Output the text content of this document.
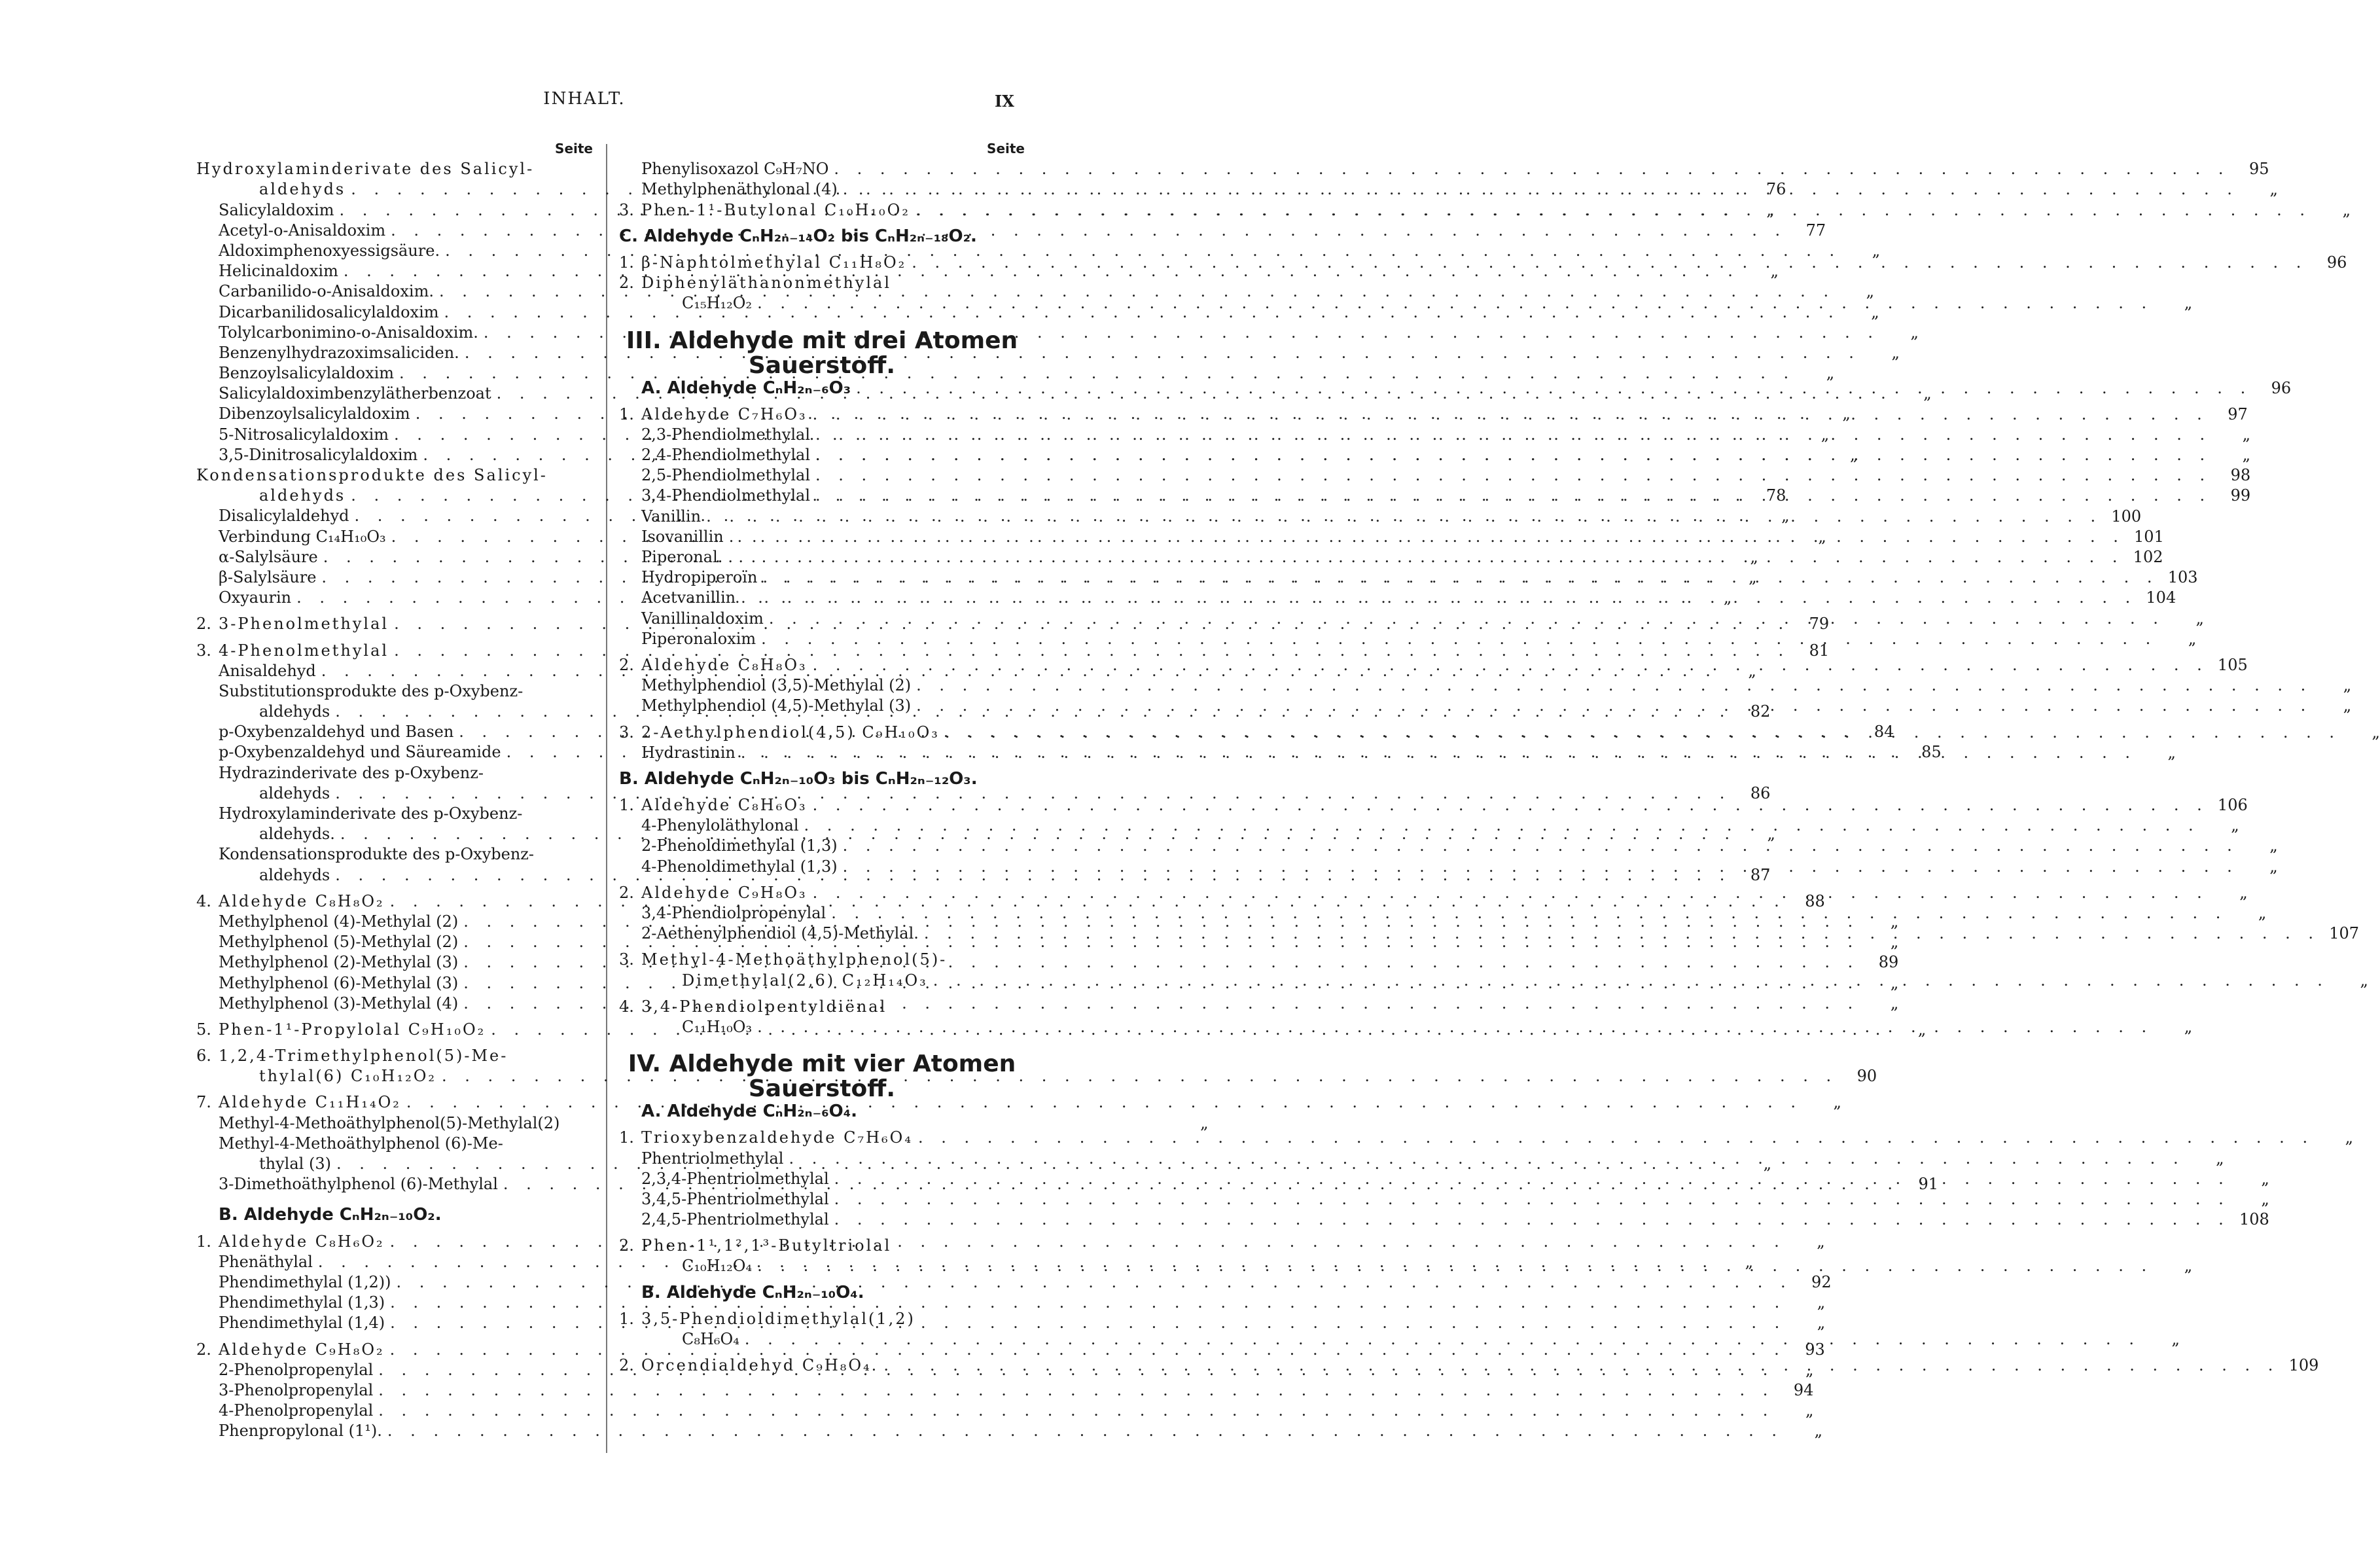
INHALT.	IX
Seite
Hydroxylaminderivate des Salicyl-
aldehyds . . .	76
Salicylaldoxim . . .	„
Acetyl-o-Anisaldoxim . . .	77
Aldoximphenoxyessigsäure. . . .	„
Helicinaldoxim . . .	„
Carbanilido-o-Anisaldoxim. . . .	„
Dicarbanilidosalicylaldoxim . . .	„
Tolylcarbonimino-o-Anisaldoxim. . . .	„
Benzenylhydrazoximsaliciden. . . .	„
Benzoylsalicylaldoxim . . .	„
Salicylaldoximbenzylätherbenzoat . . .	„
Dibenzoylsalicylaldoxim . . .	„
5-Nitrosalicylaldoxim . . .	„
3,5-Dinitrosalicylaldoxim . . .	„
Kondensationsprodukte des Salicyl-
aldehyds . . .	78
Disalicylaldehyd . . .	„
Verbindung C₁₄H₁₀O₃ . . .	„
α-Salylsäure . . .	„
β-Salylsäure . . .	„
Oxyaurin . . .	„
2. 3-Phenolmethylal . . .	79
3. 4-Phenolmethylal . . .	81
Anisaldehyd . . .	„
Substitutionsprodukte des p-Oxybenz-
aldehyds . . .	82
p-Oxybenzaldehyd und Basen . . .	84
p-Oxybenzaldehyd und Säureamide . . .	85
Hydrazinderivate des p-Oxybenz-
aldehyds . . .	86
Hydroxylaminderivate des p-Oxybenz-
aldehyds. . . .	„
Kondensationsprodukte des p-Oxybenz-
aldehyds . . .	87
4. Aldehyde C₈H₈O₂ . . .	88
Methylphenol (4)-Methylal (2) . . .	„
Methylphenol (5)-Methylal (2) . . .	„
Methylphenol (2)-Methylal (3) . . .	89
Methylphenol (6)-Methylal (3) . . .	„
Methylphenol (3)-Methylal (4) . . .	„
5. Phen-1¹-Propylolal C₉H₁₀O₂ . . .	„
6. 1,2,4-Trimethylphenol(5)-Me-
thylal(6) C₁₀H₁₂O₂ . . .	90
7. Aldehyde C₁₁H₁₄O₂ . . .	„
Methyl-4-Methoäthylphenol(5)-Methylal(2)	„
Methyl-4-Methoäthylphenol (6)-Me-
thylal (3) . . .	„
3-Dimethoäthylphenol (6)-Methylal . . .	91
B. Aldehyde CₙH₂ₙ₋₁₀O₂.
1. Aldehyde C₈H₆O₂ . . .	„
Phenäthylal . . .	„
Phendimethylal (1,2)) . . .	92
Phendimethylal (1,3) . . .	„
Phendimethylal (1,4) . . .	„
2. Aldehyde C₉H₈O₂ . . .	93
2-Phenolpropenylal . . .	„
3-Phenolpropenylal . . .	94
4-Phenolpropenylal . . .	„
Phenpropylonal (1¹). . . .	„
Seite
Phenylisoxazol C₉H₇NO . . .	95
Methylphenäthylonal (4) . . .	„
3. Phen-1¹-Butylonal C₁₀H₁₀O₂ . . .	„
C. Aldehyde CₙH₂ₙ₋₁₄O₂ bis CₙH₂ₙ₋₁₈O₂.
1. β-Naphtolmethylal C₁₁H₈O₂ . . .	96
2. Diphenyläthanonmethylal
C₁₅H₁₂O₂ . . .	„
III. Aldehyde mit drei Atomen
Sauerstoff.
A. Aldehyde CₙH₂ₙ₋₆O₃ . . .	96
1. Aldehyde C₇H₆O₃ . . .	97
2,3-Phendiolmethylal . . .	„
2,4-Phendiolmethylal . . .	„
2,5-Phendiolmethylal . . .	98
3,4-Phendiolmethylal . . .	99
Vanillin . . .	100
Isovanillin . . .	101
Piperonal. . . .	102
Hydropiperoïn . . .	103
Acetvanillin . . .	104
Vanillinaldoxim . . .	„
Piperonaloxim . . .	„
2. Aldehyde C₈H₈O₃ . . .	105
Methylphendiol (3,5)-Methylal (2) . . .	„
Methylphendiol (4,5)-Methylal (3) . . .	„
3. 2-Aethylphendiol(4,5) C₉H₁₀O₃ . . .	„
Hydrastinin . . .	„
B. Aldehyde CₙH₂ₙ₋₁₀O₃ bis CₙH₂ₙ₋₁₂O₃.
1. Aldehyde C₈H₆O₃ . . .	106
4-Phenyloläthylonal . . .	„
2-Phenoldimethylal (1,3) . . .	„
4-Phenoldimethylal (1,3) . . .	„
2. Aldehyde C₉H₈O₃ . . .	„
3,4-Phendiolpropenylal . . .	„
2-Aethenylphendiol (4,5)-Methylal. . . .	107
3. Methyl-4-Methoäthylphenol(5)-
Dimethylal(2,6) C₁₂H₁₄O₃ . . .	„
4. 3,4-Phendiolpentyldiënal
C₁₁H₁₀O₃ . . .	„
IV. Aldehyde mit vier Atomen
Sauerstoff.
A. Aldehyde CₙH₂ₙ₋₆O₄.
1. Trioxybenzaldehyde C₇H₆O₄ . . .	„
Phentriolmethylal . . .	„
2,3,4-Phentriolmethylal . . .	„
3,4,5-Phentriolmethylal . . .	„
2,4,5-Phentriolmethylal . . .	108
2. Phen-1¹,1²,1³-Butyltriolal
C₁₀H₁₂O₄ . . .	„
B. Aldehyde CₙH₂ₙ₋₁₀O₄.
1. 3,5-Phendioldimethylal(1,2)
C₈H₆O₄ . . .	„
2. Orcendialdehyd C₉H₈O₄. . . .	109
